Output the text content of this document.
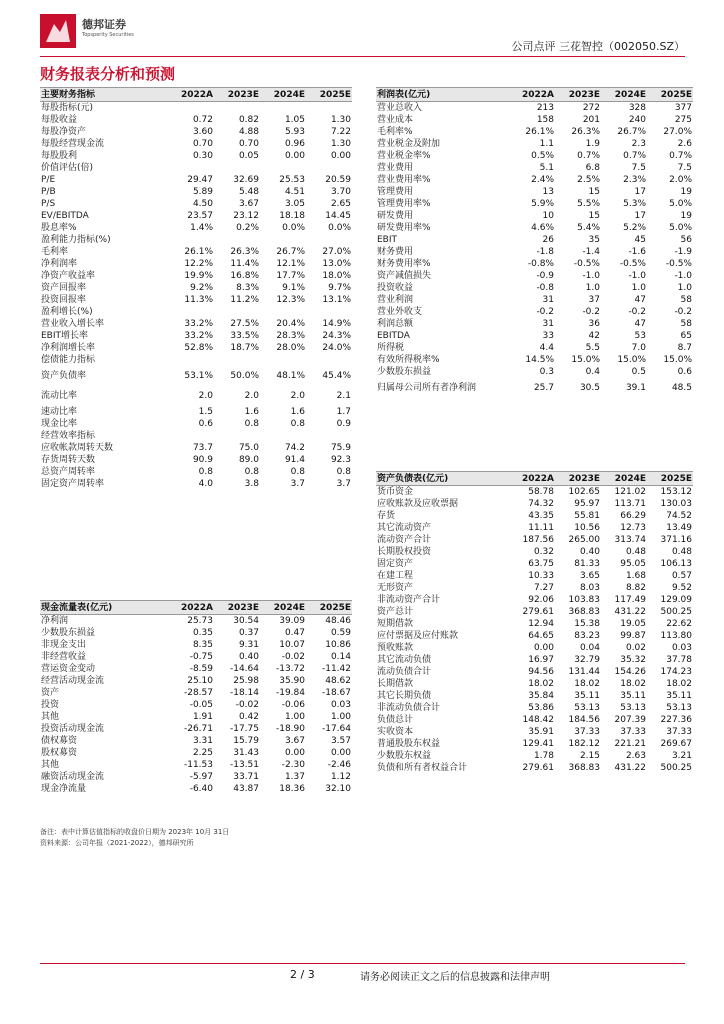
德邦证券
Topsperity Securities
公司点评 三花智控（002050.SZ）
财务报表分析和预测
主要财务指标	2022A	2023E	2024E	2025E
每股指标(元)				
每股收益	0.72	0.82	1.05	1.30
每股净资产	3.60	4.88	5.93	7.22
每股经营现金流	0.70	0.70	0.96	1.30
每股股利	0.30	0.05	0.00	0.00
价值评估(倍)				
P/E	29.47	32.69	25.53	20.59
P/B	5.89	5.48	4.51	3.70
P/S	4.50	3.67	3.05	2.65
EV/EBITDA	23.57	23.12	18.18	14.45
股息率%	1.4%	0.2%	0.0%	0.0%
盈利能力指标(%)				
毛利率	26.1%	26.3%	26.7%	27.0%
净利润率	12.2%	11.4%	12.1%	13.0%
净资产收益率	19.9%	16.8%	17.7%	18.0%
资产回报率	9.2%	8.3%	9.1%	9.7%
投资回报率	11.3%	11.2%	12.3%	13.1%
盈利增长(%)				
营业收入增长率	33.2%	27.5%	20.4%	14.9%
EBIT增长率	33.2%	33.5%	28.3%	24.3%
净利润增长率	52.8%	18.7%	28.0%	24.0%
偿债能力指标				
资产负债率	53.1%	50.0%	48.1%	45.4%
流动比率	2.0	2.0	2.0	2.1
速动比率	1.5	1.6	1.6	1.7
现金比率	0.6	0.8	0.8	0.9
经营效率指标				
应收帐款周转天数	73.7	75.0	74.2	75.9
存货周转天数	90.9	89.0	91.4	92.3
总资产周转率	0.8	0.8	0.8	0.8
固定资产周转率	4.0	3.8	3.7	3.7
现金流量表(亿元)	2022A	2023E	2024E	2025E
净利润	25.73	30.54	39.09	48.46
少数股东损益	0.35	0.37	0.47	0.59
非现金支出	8.35	9.31	10.07	10.86
非经营收益	-0.75	0.40	-0.02	0.14
营运资金变动	-8.59	-14.64	-13.72	-11.42
经营活动现金流	25.10	25.98	35.90	48.62
资产	-28.57	-18.14	-19.84	-18.67
投资	-0.05	-0.02	-0.06	0.03
其他	1.91	0.42	1.00	1.00
投资活动现金流	-26.71	-17.75	-18.90	-17.64
债权募资	3.31	15.79	3.67	3.57
股权募资	2.25	31.43	0.00	0.00
其他	-11.53	-13.51	-2.30	-2.46
融资活动现金流	-5.97	33.71	1.37	1.12
现金净流量	-6.40	43.87	18.36	32.10
利润表(亿元)	2022A	2023E	2024E	2025E
营业总收入	213	272	328	377
营业成本	158	201	240	275
毛利率%	26.1%	26.3%	26.7%	27.0%
营业税金及附加	1.1	1.9	2.3	2.6
营业税金率%	0.5%	0.7%	0.7%	0.7%
营业费用	5.1	6.8	7.5	7.5
营业费用率%	2.4%	2.5%	2.3%	2.0%
管理费用	13	15	17	19
管理费用率%	5.9%	5.5%	5.3%	5.0%
研发费用	10	15	17	19
研发费用率%	4.6%	5.4%	5.2%	5.0%
EBIT	26	35	45	56
财务费用	-1.8	-1.4	-1.6	-1.9
财务费用率%	-0.8%	-0.5%	-0.5%	-0.5%
资产减值损失	-0.9	-1.0	-1.0	-1.0
投资收益	-0.8	1.0	1.0	1.0
营业利润	31	37	47	58
营业外收支	-0.2	-0.2	-0.2	-0.2
利润总额	31	36	47	58
EBITDA	33	42	53	65
所得税	4.4	5.5	7.0	8.7
有效所得税率%	14.5%	15.0%	15.0%	15.0%
少数股东损益	0.3	0.4	0.5	0.6
归属母公司所有者净利润	25.7	30.5	39.1	48.5
资产负债表(亿元)	2022A	2023E	2024E	2025E
货币资金	58.78	102.65	121.02	153.12
应收账款及应收票据	74.32	95.97	113.71	130.03
存货	43.35	55.81	66.29	74.52
其它流动资产	11.11	10.56	12.73	13.49
流动资产合计	187.56	265.00	313.74	371.16
长期股权投资	0.32	0.40	0.48	0.48
固定资产	63.75	81.33	95.05	106.13
在建工程	10.33	3.65	1.68	0.57
无形资产	7.27	8.03	8.82	9.52
非流动资产合计	92.06	103.83	117.49	129.09
资产总计	279.61	368.83	431.22	500.25
短期借款	12.94	15.38	19.05	22.62
应付票据及应付账款	64.65	83.23	99.87	113.80
预收账款	0.00	0.04	0.02	0.03
其它流动负债	16.97	32.79	35.32	37.78
流动负债合计	94.56	131.44	154.26	174.23
长期借款	18.02	18.02	18.02	18.02
其它长期负债	35.84	35.11	35.11	35.11
非流动负债合计	53.86	53.13	53.13	53.13
负债总计	148.42	184.56	207.39	227.36
实收资本	35.91	37.33	37.33	37.33
普通股股东权益	129.41	182.12	221.21	269.67
少数股东权益	1.78	2.15	2.63	3.21
负债和所有者权益合计	279.61	368.83	431.22	500.25
备注：表中计算估值指标的收盘价日期为 2023年 10月 31日
资料来源：公司年报（2021-2022），德邦研究所
2 / 3	请务必阅读正文之后的信息披露和法律声明
